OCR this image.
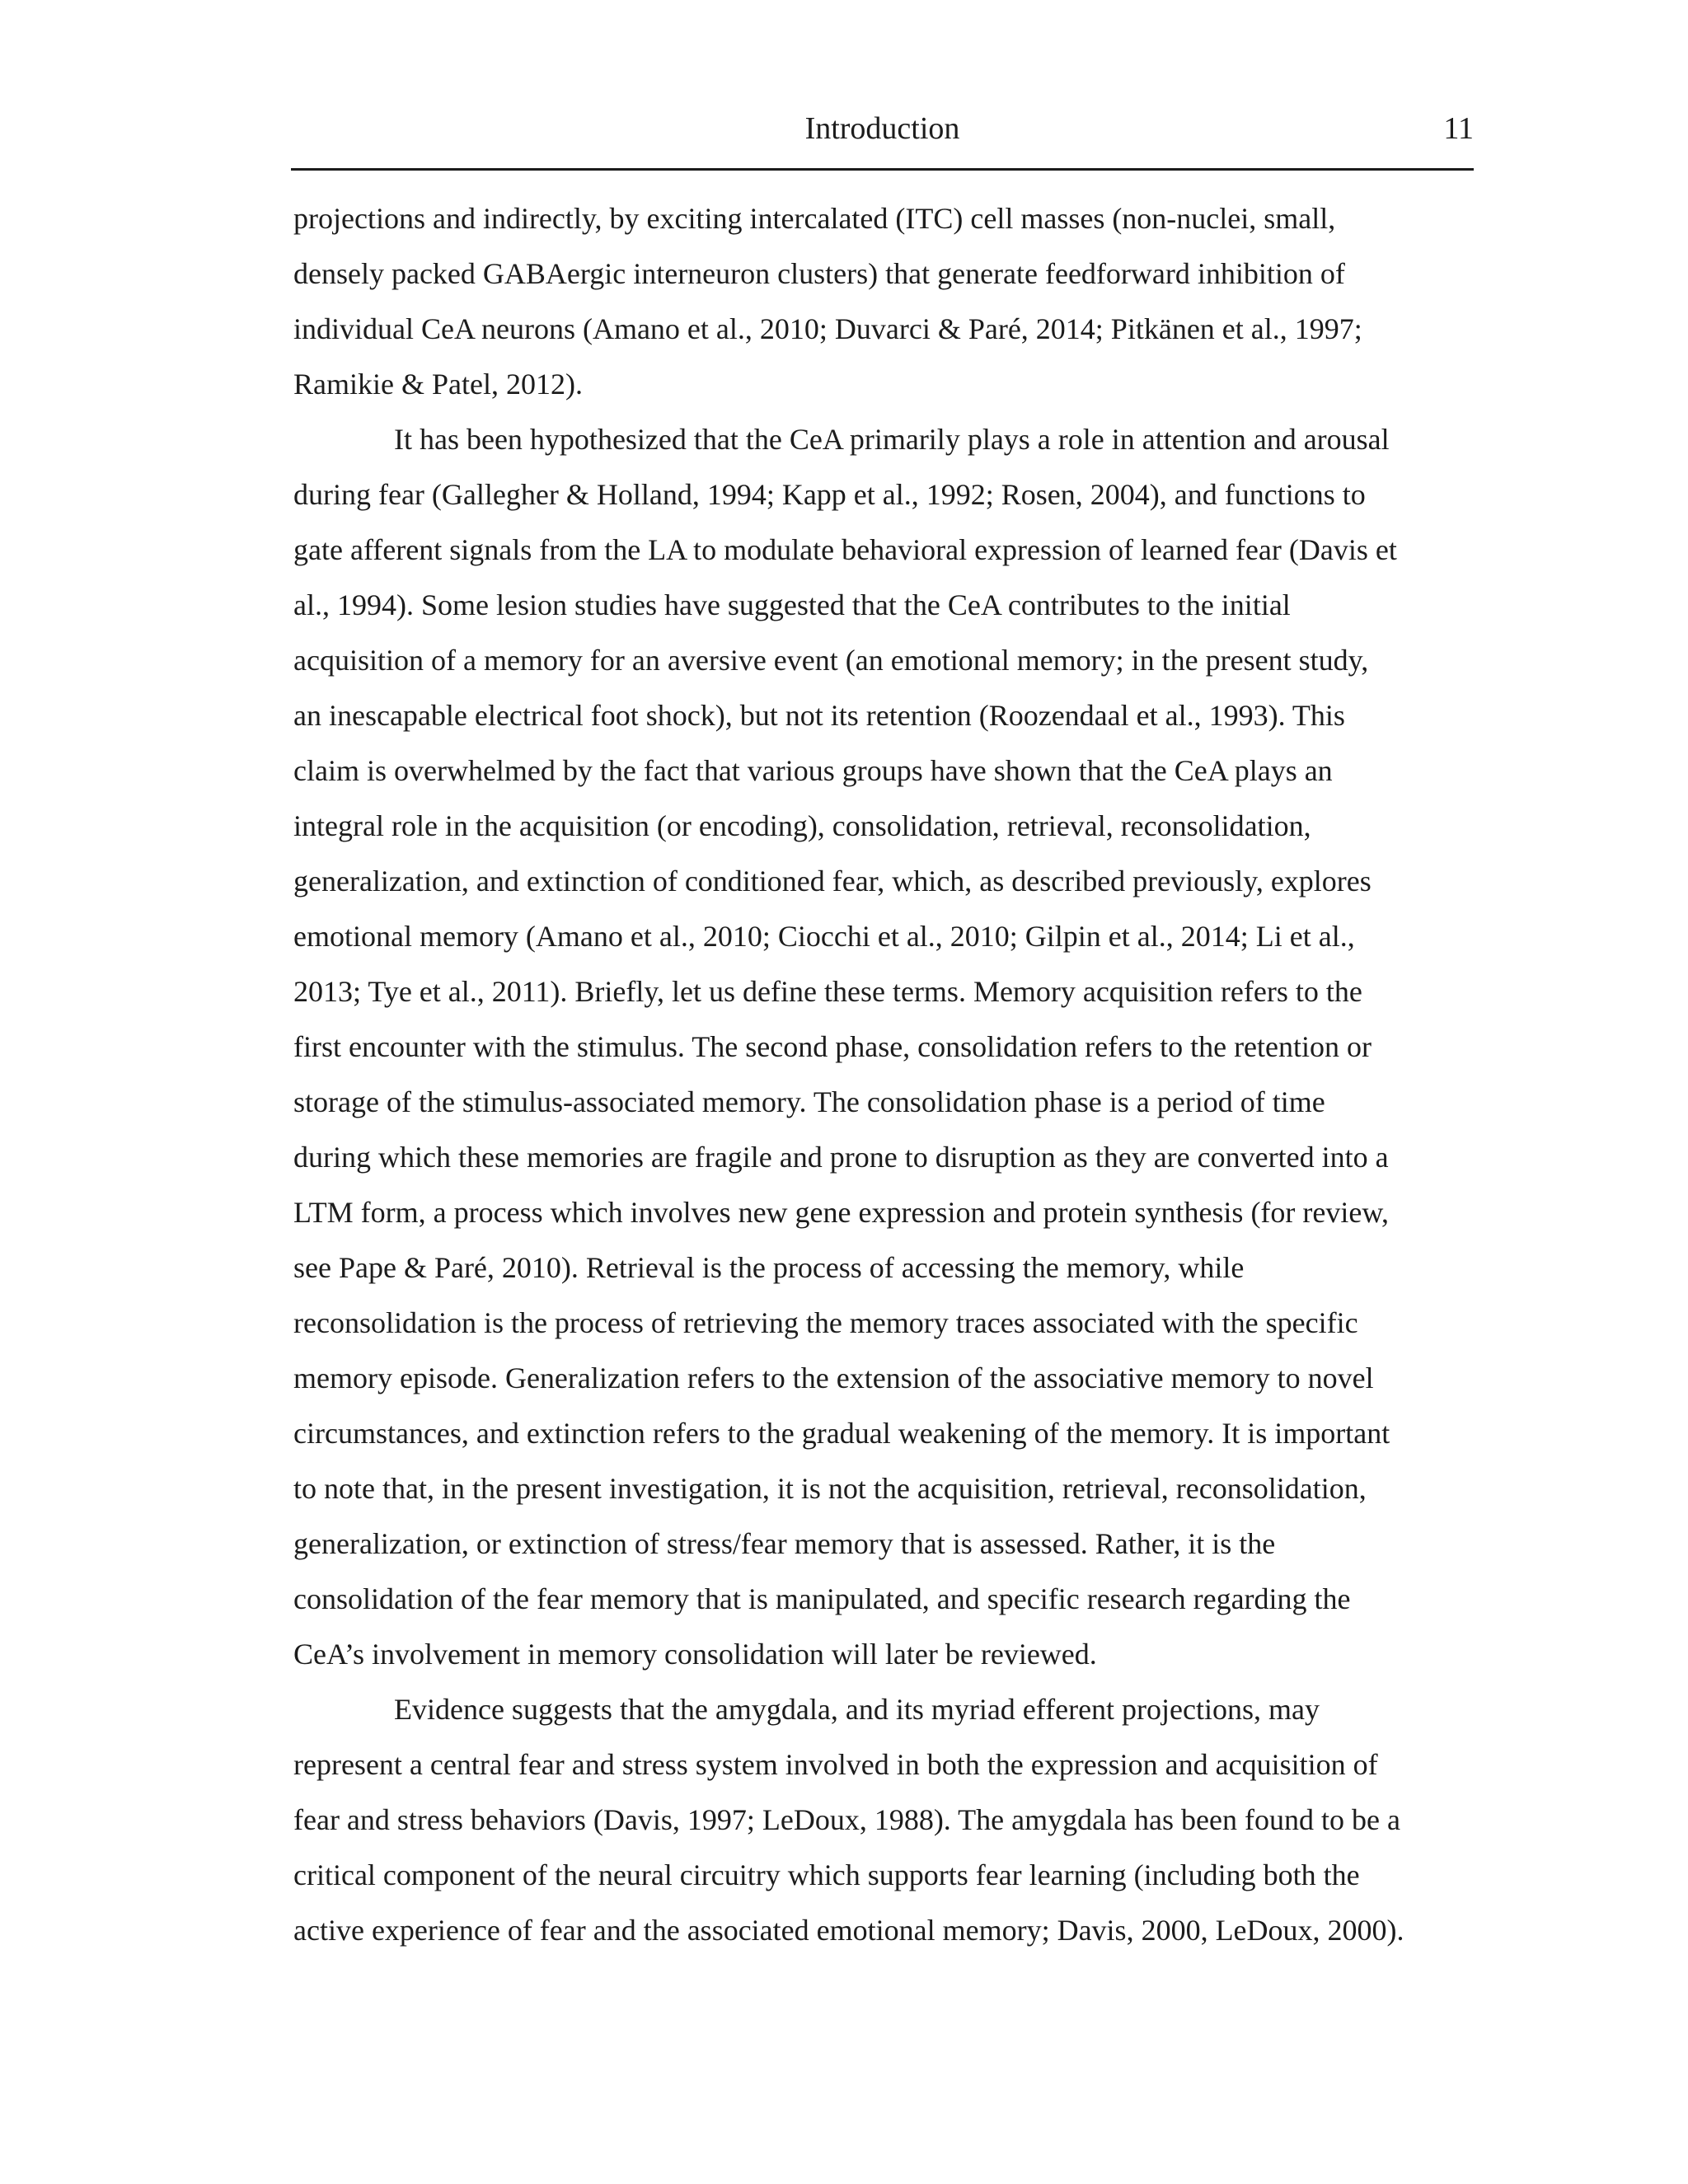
Introduction	11
projections and indirectly, by exciting intercalated (ITC) cell masses (non-nuclei, small,
densely packed GABAergic interneuron clusters) that generate feedforward inhibition of
individual CeA neurons (Amano et al., 2010; Duvarci & Paré, 2014; Pitkänen et al., 1997;
Ramikie & Patel, 2012).
It has been hypothesized that the CeA primarily plays a role in attention and arousal
during fear (Gallegher & Holland, 1994; Kapp et al., 1992; Rosen, 2004), and functions to
gate afferent signals from the LA to modulate behavioral expression of learned fear (Davis et
al., 1994). Some lesion studies have suggested that the CeA contributes to the initial
acquisition of a memory for an aversive event (an emotional memory; in the present study,
an inescapable electrical foot shock), but not its retention (Roozendaal et al., 1993). This
claim is overwhelmed by the fact that various groups have shown that the CeA plays an
integral role in the acquisition (or encoding), consolidation, retrieval, reconsolidation,
generalization, and extinction of conditioned fear, which, as described previously, explores
emotional memory (Amano et al., 2010; Ciocchi et al., 2010; Gilpin et al., 2014; Li et al.,
2013; Tye et al., 2011). Briefly, let us define these terms. Memory acquisition refers to the
first encounter with the stimulus. The second phase, consolidation refers to the retention or
storage of the stimulus-associated memory. The consolidation phase is a period of time
during which these memories are fragile and prone to disruption as they are converted into a
LTM form, a process which involves new gene expression and protein synthesis (for review,
see Pape & Paré, 2010). Retrieval is the process of accessing the memory, while
reconsolidation is the process of retrieving the memory traces associated with the specific
memory episode. Generalization refers to the extension of the associative memory to novel
circumstances, and extinction refers to the gradual weakening of the memory. It is important
to note that, in the present investigation, it is not the acquisition, retrieval, reconsolidation,
generalization, or extinction of stress/fear memory that is assessed. Rather, it is the
consolidation of the fear memory that is manipulated, and specific research regarding the
CeA’s involvement in memory consolidation will later be reviewed.
Evidence suggests that the amygdala, and its myriad efferent projections, may
represent a central fear and stress system involved in both the expression and acquisition of
fear and stress behaviors (Davis, 1997; LeDoux, 1988). The amygdala has been found to be a
critical component of the neural circuitry which supports fear learning (including both the
active experience of fear and the associated emotional memory; Davis, 2000, LeDoux, 2000).
